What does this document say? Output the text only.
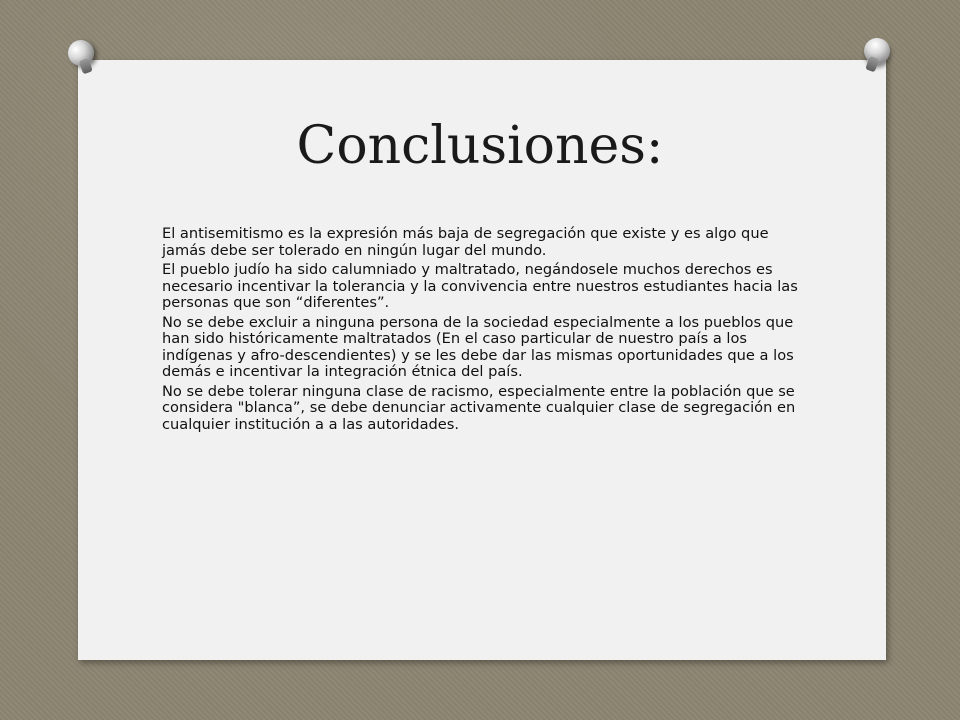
Conclusiones:
El antisemitismo es la expresión más baja de segregación que existe y es algo que jamás debe ser tolerado en ningún lugar del mundo.
El pueblo judío ha sido calumniado y maltratado, negándosele muchos derechos es necesario incentivar la tolerancia y la convivencia entre nuestros estudiantes hacia las personas que son “diferentes”.
No se debe excluir a ninguna persona de la sociedad especialmente a los pueblos que han sido históricamente maltratados (En el caso particular de nuestro país a los indígenas y afro-descendientes) y se les debe dar las mismas oportunidades que a los demás e incentivar la integración étnica del país.
No se debe tolerar ninguna clase de racismo, especialmente entre la población que se considera "blanca”, se debe denunciar activamente cualquier clase de segregación en cualquier institución a a las autoridades.
